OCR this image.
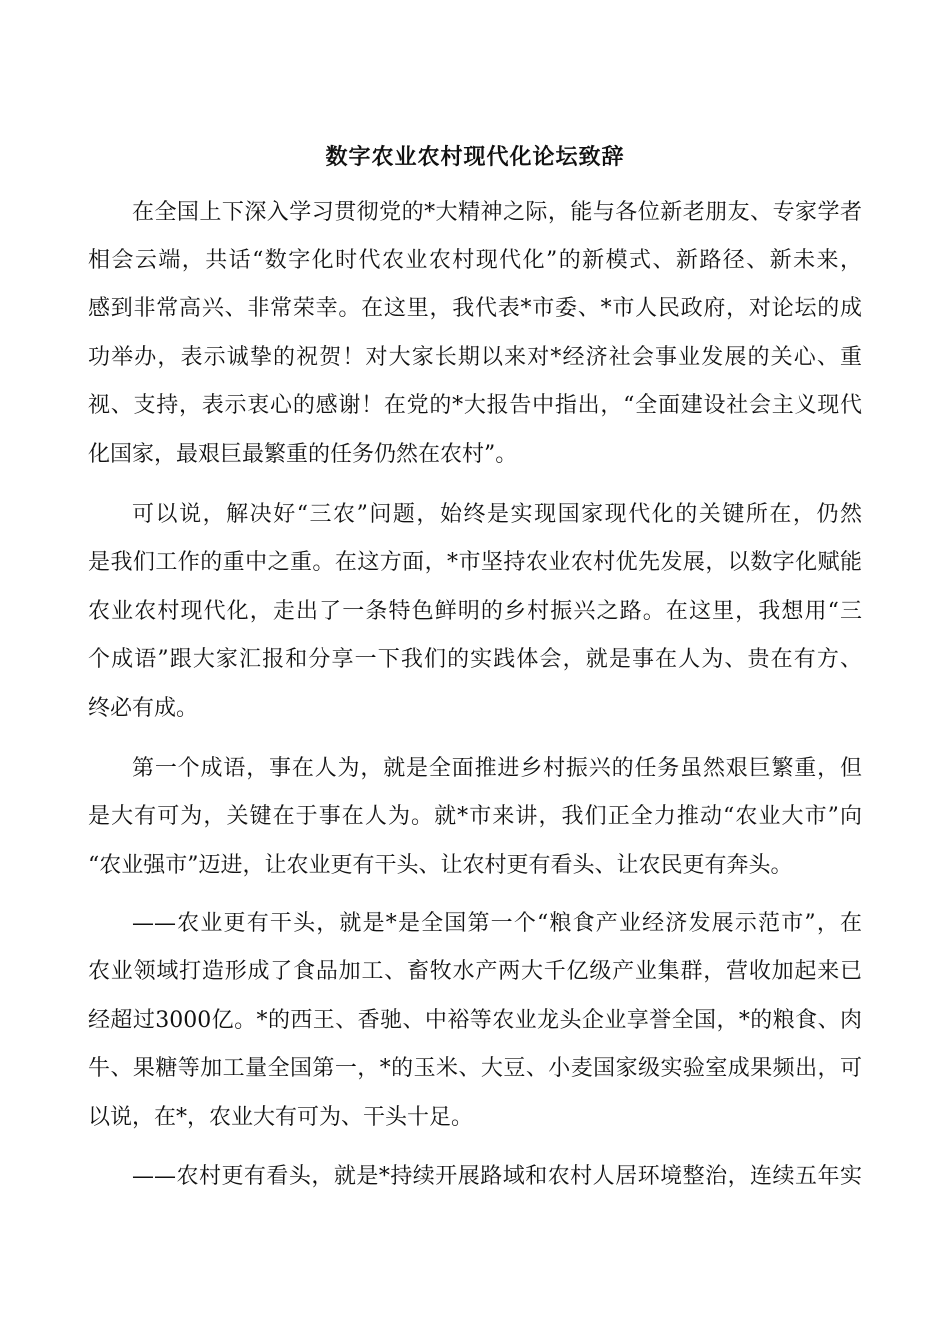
数字农业农村现代化论坛致辞
在全国上下深入学习贯彻党的*大精神之际，能与各位新老朋友、专家学者
相会云端，共话“数字化时代农业农村现代化”的新模式、新路径、新未来，
感到非常高兴、非常荣幸。在这里，我代表*市委、*市人民政府，对论坛的成
功举办，表示诚挚的祝贺！对大家长期以来对*经济社会事业发展的关心、重
视、支持，表示衷心的感谢！在党的*大报告中指出，“全面建设社会主义现代
化国家，最艰巨最繁重的任务仍然在农村”。
可以说，解决好“三农”问题，始终是实现国家现代化的关键所在，仍然
是我们工作的重中之重。在这方面，*市坚持农业农村优先发展，以数字化赋能
农业农村现代化，走出了一条特色鲜明的乡村振兴之路。在这里，我想用“三
个成语”跟大家汇报和分享一下我们的实践体会，就是事在人为、贵在有方、
终必有成。
第一个成语，事在人为，就是全面推进乡村振兴的任务虽然艰巨繁重，但
是大有可为，关键在于事在人为。就*市来讲，我们正全力推动“农业大市”向
“农业强市”迈进，让农业更有干头、让农村更有看头、让农民更有奔头。
——农业更有干头，就是*是全国第一个“粮食产业经济发展示范市”，在
农业领域打造形成了食品加工、畜牧水产两大千亿级产业集群，营收加起来已
经超过3000亿。*的西王、香驰、中裕等农业龙头企业享誉全国，*的粮食、肉
牛、果糖等加工量全国第一，*的玉米、大豆、小麦国家级实验室成果频出，可
以说，在*，农业大有可为、干头十足。
——农村更有看头，就是*持续开展路域和农村人居环境整治，连续五年实
